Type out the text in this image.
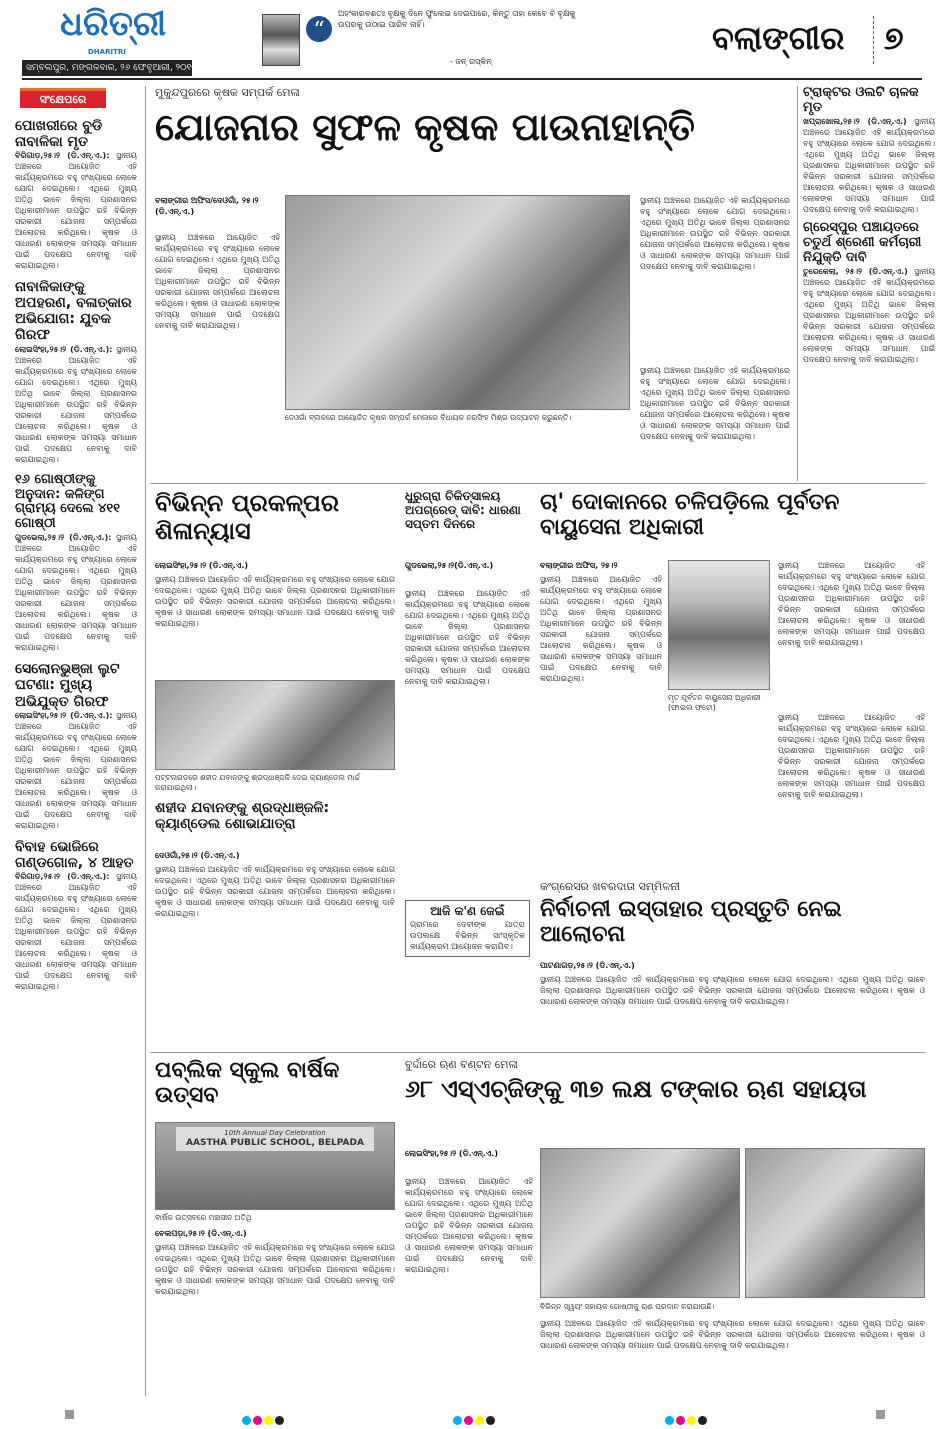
ଧରିତ୍ରୀ
DHARITRI
ସମ୍ବଲପୁର, ମଙ୍ଗଳବାର, ୨୬ ଫେବୃଆରୀ, ୨୦୧୯
“
ଅହଂକାରବଶତଃ ବୃକ୍ଷକୁ ଦିନେ ଫୁଲେଇ ଦେଇପାରେ, କିନ୍ତୁ ତାହା କେବେ ବି ବୃକ୍ଷକୁ ଉପରକୁ ଉଠାଇ ପାରିବ ନାହିଁ।
- ଜନ୍ ରସ୍କିନ୍
ବଲାଙ୍ଗୀର ୭
ସଂକ୍ଷେପରେ
ପୋଖରୀରେ ବୁଡି ନାବାଳିକା ମୃତ
ବିରିଗାଡ଼,୨୫।୨ (ଡି.ଏନ୍.ଏ.): ସ୍ଥାନୀୟ ଅଞ୍ଚଳରେ ଆୟୋଜିତ ଏହି କାର୍ଯ୍ୟକ୍ରମରେ ବହୁ ସଂଖ୍ୟାରେ ଲୋକେ ଯୋଗ ଦେଇଥିଲେ। ଏଥିରେ ମୁଖ୍ୟ ଅତିଥି ଭାବେ ଜିଲ୍ଲା ପ୍ରଶାସନର ଅଧିକାରୀମାନେ ଉପସ୍ଥିତ ରହି ବିଭିନ୍ନ ସରକାରୀ ଯୋଜନା ସମ୍ପର୍କରେ ଆଲୋଚନା କରିଥିଲେ। କୃଷକ ଓ ସାଧାରଣ ଲୋକଙ୍କ ସମସ୍ୟା ସମାଧାନ ପାଇଁ ପଦକ୍ଷେପ ନେବାକୁ ଦାବି କରାଯାଇଥିଲା।
ନାବାଳିକାଙ୍କୁ ଅପହରଣ, ବଳାତ୍କାର ଅଭିଯୋଗ: ଯୁବକ ଗିରଫ
ଲୋଇସିଂହା,୨୫।୨ (ଡି.ଏନ୍.ଏ.): ସ୍ଥାନୀୟ ଅଞ୍ଚଳରେ ଆୟୋଜିତ ଏହି କାର୍ଯ୍ୟକ୍ରମରେ ବହୁ ସଂଖ୍ୟାରେ ଲୋକେ ଯୋଗ ଦେଇଥିଲେ। ଏଥିରେ ମୁଖ୍ୟ ଅତିଥି ଭାବେ ଜିଲ୍ଲା ପ୍ରଶାସନର ଅଧିକାରୀମାନେ ଉପସ୍ଥିତ ରହି ବିଭିନ୍ନ ସରକାରୀ ଯୋଜନା ସମ୍ପର୍କରେ ଆଲୋଚନା କରିଥିଲେ। କୃଷକ ଓ ସାଧାରଣ ଲୋକଙ୍କ ସମସ୍ୟା ସମାଧାନ ପାଇଁ ପଦକ୍ଷେପ ନେବାକୁ ଦାବି କରାଯାଇଥିଲା।
୧୬ ଗୋଷ୍ଠୀଙ୍କୁ ଅନୁଦାନ: କଳିଙ୍ଗ ଗ୍ରାମ୍ୟ ଦେଲେ ୪୧୧ ଗୋଷ୍ଠୀ
ଗୁଡଭେଲା,୨୫।୨ (ଡି.ଏନ୍.ଏ.): ସ୍ଥାନୀୟ ଅଞ୍ଚଳରେ ଆୟୋଜିତ ଏହି କାର୍ଯ୍ୟକ୍ରମରେ ବହୁ ସଂଖ୍ୟାରେ ଲୋକେ ଯୋଗ ଦେଇଥିଲେ। ଏଥିରେ ମୁଖ୍ୟ ଅତିଥି ଭାବେ ଜିଲ୍ଲା ପ୍ରଶାସନର ଅଧିକାରୀମାନେ ଉପସ୍ଥିତ ରହି ବିଭିନ୍ନ ସରକାରୀ ଯୋଜନା ସମ୍ପର୍କରେ ଆଲୋଚନା କରିଥିଲେ। କୃଷକ ଓ ସାଧାରଣ ଲୋକଙ୍କ ସମସ୍ୟା ସମାଧାନ ପାଇଁ ପଦକ୍ଷେପ ନେବାକୁ ଦାବି କରାଯାଇଥିଲା।
ସେଲୋନଭୁଞ୍ଜା ଲୁଟ ଘଟଣା: ମୁଖ୍ୟ ଅଭିଯୁକ୍ତ ଗିରଫ
ଲୋଇସିଂହା,୨୫।୨ (ଡି.ଏନ୍.ଏ.): ସ୍ଥାନୀୟ ଅଞ୍ଚଳରେ ଆୟୋଜିତ ଏହି କାର୍ଯ୍ୟକ୍ରମରେ ବହୁ ସଂଖ୍ୟାରେ ଲୋକେ ଯୋଗ ଦେଇଥିଲେ। ଏଥିରେ ମୁଖ୍ୟ ଅତିଥି ଭାବେ ଜିଲ୍ଲା ପ୍ରଶାସନର ଅଧିକାରୀମାନେ ଉପସ୍ଥିତ ରହି ବିଭିନ୍ନ ସରକାରୀ ଯୋଜନା ସମ୍ପର୍କରେ ଆଲୋଚନା କରିଥିଲେ। କୃଷକ ଓ ସାଧାରଣ ଲୋକଙ୍କ ସମସ୍ୟା ସମାଧାନ ପାଇଁ ପଦକ୍ଷେପ ନେବାକୁ ଦାବି କରାଯାଇଥିଲା।
ବିବାହ ଭୋଜିରେ ଗଣ୍ଡଗୋଳ, ୪ ଆହତ
ବିରିଗାଡ଼,୨୫।୨ (ଡି.ଏନ୍.ଏ.): ସ୍ଥାନୀୟ ଅଞ୍ଚଳରେ ଆୟୋଜିତ ଏହି କାର୍ଯ୍ୟକ୍ରମରେ ବହୁ ସଂଖ୍ୟାରେ ଲୋକେ ଯୋଗ ଦେଇଥିଲେ। ଏଥିରେ ମୁଖ୍ୟ ଅତିଥି ଭାବେ ଜିଲ୍ଲା ପ୍ରଶାସନର ଅଧିକାରୀମାନେ ଉପସ୍ଥିତ ରହି ବିଭିନ୍ନ ସରକାରୀ ଯୋଜନା ସମ୍ପର୍କରେ ଆଲୋଚନା କରିଥିଲେ। କୃଷକ ଓ ସାଧାରଣ ଲୋକଙ୍କ ସମସ୍ୟା ସମାଧାନ ପାଇଁ ପଦକ୍ଷେପ ନେବାକୁ ଦାବି କରାଯାଇଥିଲା।
ମୁକୁନ୍ଦପୁରରେ କୃଷକ ସମ୍ପର୍କ ମେଳା
ଯୋଜନାର ସୁଫଳ କୃଷକ ପାଉନାହାନ୍ତି
ବଲାଙ୍ଗୀର ଅଫିସ/ଦେଓଗାଁ, ୨୫।୨ (ଡି.ଏନ୍.ଏ.)
ସ୍ଥାନୀୟ ଅଞ୍ଚଳରେ ଆୟୋଜିତ ଏହି କାର୍ଯ୍ୟକ୍ରମରେ ବହୁ ସଂଖ୍ୟାରେ ଲୋକେ ଯୋଗ ଦେଇଥିଲେ। ଏଥିରେ ମୁଖ୍ୟ ଅତିଥି ଭାବେ ଜିଲ୍ଲା ପ୍ରଶାସନର ଅଧିକାରୀମାନେ ଉପସ୍ଥିତ ରହି ବିଭିନ୍ନ ସରକାରୀ ଯୋଜନା ସମ୍ପର୍କରେ ଆଲୋଚନା କରିଥିଲେ। କୃଷକ ଓ ସାଧାରଣ ଲୋକଙ୍କ ସମସ୍ୟା ସମାଧାନ ପାଇଁ ପଦକ୍ଷେପ ନେବାକୁ ଦାବି କରାଯାଇଥିଲା।
ଦେଓଗାଁ ବ୍ଲକରେ ଆୟୋଜିତ କୃଷକ ସମ୍ପର୍କ ମେଳାରେ ବିଧାୟକ ନରସିଂହ ମିଶ୍ର ଉଦ୍‌ଘାଟନ କରୁଛନ୍ତି।
ସ୍ଥାନୀୟ ଅଞ୍ଚଳରେ ଆୟୋଜିତ ଏହି କାର୍ଯ୍ୟକ୍ରମରେ ବହୁ ସଂଖ୍ୟାରେ ଲୋକେ ଯୋଗ ଦେଇଥିଲେ। ଏଥିରେ ମୁଖ୍ୟ ଅତିଥି ଭାବେ ଜିଲ୍ଲା ପ୍ରଶାସନର ଅଧିକାରୀମାନେ ଉପସ୍ଥିତ ରହି ବିଭିନ୍ନ ସରକାରୀ ଯୋଜନା ସମ୍ପର୍କରେ ଆଲୋଚନା କରିଥିଲେ। କୃଷକ ଓ ସାଧାରଣ ଲୋକଙ୍କ ସମସ୍ୟା ସମାଧାନ ପାଇଁ ପଦକ୍ଷେପ ନେବାକୁ ଦାବି କରାଯାଇଥିଲା।
ସ୍ଥାନୀୟ ଅଞ୍ଚଳରେ ଆୟୋଜିତ ଏହି କାର୍ଯ୍ୟକ୍ରମରେ ବହୁ ସଂଖ୍ୟାରେ ଲୋକେ ଯୋଗ ଦେଇଥିଲେ। ଏଥିରେ ମୁଖ୍ୟ ଅତିଥି ଭାବେ ଜିଲ୍ଲା ପ୍ରଶାସନର ଅଧିକାରୀମାନେ ଉପସ୍ଥିତ ରହି ବିଭିନ୍ନ ସରକାରୀ ଯୋଜନା ସମ୍ପର୍କରେ ଆଲୋଚନା କରିଥିଲେ। କୃଷକ ଓ ସାଧାରଣ ଲୋକଙ୍କ ସମସ୍ୟା ସମାଧାନ ପାଇଁ ପଦକ୍ଷେପ ନେବାକୁ ଦାବି କରାଯାଇଥିଲା।
ଟ୍ରାକ୍ଟର ଓଲଟି ଚାଳକ ମୃତ
ଖପ୍ରାଖୋଲ,୨୫।୨ (ଡି.ଏନ୍.ଏ.) ସ୍ଥାନୀୟ ଅଞ୍ଚଳରେ ଆୟୋଜିତ ଏହି କାର୍ଯ୍ୟକ୍ରମରେ ବହୁ ସଂଖ୍ୟାରେ ଲୋକେ ଯୋଗ ଦେଇଥିଲେ। ଏଥିରେ ମୁଖ୍ୟ ଅତିଥି ଭାବେ ଜିଲ୍ଲା ପ୍ରଶାସନର ଅଧିକାରୀମାନେ ଉପସ୍ଥିତ ରହି ବିଭିନ୍ନ ସରକାରୀ ଯୋଜନା ସମ୍ପର୍କରେ ଆଲୋଚନା କରିଥିଲେ। କୃଷକ ଓ ସାଧାରଣ ଲୋକଙ୍କ ସମସ୍ୟା ସମାଧାନ ପାଇଁ ପଦକ୍ଷେପ ନେବାକୁ ଦାବି କରାଯାଇଥିଲା।
ଗ୍ରେସ୍ପୁର ପଞ୍ଚାୟତରେ ଚତୁର୍ଥ ଶ୍ରେଣୀ କର୍ମଚାରୀ ନିଯୁକ୍ତି ଦାବି
ତୁରେକେଲା, ୨୫।୨ (ଡି.ଏନ୍.ଏ.) ସ୍ଥାନୀୟ ଅଞ୍ଚଳରେ ଆୟୋଜିତ ଏହି କାର୍ଯ୍ୟକ୍ରମରେ ବହୁ ସଂଖ୍ୟାରେ ଲୋକେ ଯୋଗ ଦେଇଥିଲେ। ଏଥିରେ ମୁଖ୍ୟ ଅତିଥି ଭାବେ ଜିଲ୍ଲା ପ୍ରଶାସନର ଅଧିକାରୀମାନେ ଉପସ୍ଥିତ ରହି ବିଭିନ୍ନ ସରକାରୀ ଯୋଜନା ସମ୍ପର୍କରେ ଆଲୋଚନା କରିଥିଲେ। କୃଷକ ଓ ସାଧାରଣ ଲୋକଙ୍କ ସମସ୍ୟା ସମାଧାନ ପାଇଁ ପଦକ୍ଷେପ ନେବାକୁ ଦାବି କରାଯାଇଥିଲା।
ବିଭିନ୍ନ ପ୍ରକଳ୍ପର ଶିଳାନ୍ୟାସ
ଲୋଇସିଂହା,୨୫।୨ (ଡି.ଏନ୍.ଏ.)
ସ୍ଥାନୀୟ ଅଞ୍ଚଳରେ ଆୟୋଜିତ ଏହି କାର୍ଯ୍ୟକ୍ରମରେ ବହୁ ସଂଖ୍ୟାରେ ଲୋକେ ଯୋଗ ଦେଇଥିଲେ। ଏଥିରେ ମୁଖ୍ୟ ଅତିଥି ଭାବେ ଜିଲ୍ଲା ପ୍ରଶାସନର ଅଧିକାରୀମାନେ ଉପସ୍ଥିତ ରହି ବିଭିନ୍ନ ସରକାରୀ ଯୋଜନା ସମ୍ପର୍କରେ ଆଲୋଚନା କରିଥିଲେ। କୃଷକ ଓ ସାଧାରଣ ଲୋକଙ୍କ ସମସ୍ୟା ସମାଧାନ ପାଇଁ ପଦକ୍ଷେପ ନେବାକୁ ଦାବି କରାଯାଇଥିଲା।
ପଟ୍ଟନାଗଡ଼ରେ ଶହୀଦ ଯବାନଙ୍କୁ ଶ୍ରଦ୍ଧାଞ୍ଜଳି ଦେଇ କ୍ୟାଣ୍ଡେଲ ମାର୍ଚ୍ଚ କରାଯାଇଥିଲା।
ଶହୀଦ ଯବାନଙ୍କୁ ଶ୍ରଦ୍ଧାଞ୍ଜଳି: କ୍ୟାଣ୍ଡେଲ ଶୋଭାଯାତ୍ରା
ଦେଓଗାଁ,୨୫।୨ (ଡି.ଏନ୍.ଏ.)
ସ୍ଥାନୀୟ ଅଞ୍ଚଳରେ ଆୟୋଜିତ ଏହି କାର୍ଯ୍ୟକ୍ରମରେ ବହୁ ସଂଖ୍ୟାରେ ଲୋକେ ଯୋଗ ଦେଇଥିଲେ। ଏଥିରେ ମୁଖ୍ୟ ଅତିଥି ଭାବେ ଜିଲ୍ଲା ପ୍ରଶାସନର ଅଧିକାରୀମାନେ ଉପସ୍ଥିତ ରହି ବିଭିନ୍ନ ସରକାରୀ ଯୋଜନା ସମ୍ପର୍କରେ ଆଲୋଚନା କରିଥିଲେ। କୃଷକ ଓ ସାଧାରଣ ଲୋକଙ୍କ ସମସ୍ୟା ସମାଧାନ ପାଇଁ ପଦକ୍ଷେପ ନେବାକୁ ଦାବି କରାଯାଇଥିଲା।
ଧୁରୁଗ୍ରା ଚିକିତ୍ସାଳୟ ଅପଗ୍ରେଡ୍ ଦାବି: ଧାରଣା ସପ୍ତମ ଦିନରେ
ଗୁଡଭେଲା,୨୫।୨(ଡି.ଏନ୍.ଏ.)
ସ୍ଥାନୀୟ ଅଞ୍ଚଳରେ ଆୟୋଜିତ ଏହି କାର୍ଯ୍ୟକ୍ରମରେ ବହୁ ସଂଖ୍ୟାରେ ଲୋକେ ଯୋଗ ଦେଇଥିଲେ। ଏଥିରେ ମୁଖ୍ୟ ଅତିଥି ଭାବେ ଜିଲ୍ଲା ପ୍ରଶାସନର ଅଧିକାରୀମାନେ ଉପସ୍ଥିତ ରହି ବିଭିନ୍ନ ସରକାରୀ ଯୋଜନା ସମ୍ପର୍କରେ ଆଲୋଚନା କରିଥିଲେ। କୃଷକ ଓ ସାଧାରଣ ଲୋକଙ୍କ ସମସ୍ୟା ସମାଧାନ ପାଇଁ ପଦକ୍ଷେପ ନେବାକୁ ଦାବି କରାଯାଇଥିଲା।
ଆଜି କ'ଣ ଜେଇଁ
ଗ୍ରାମରେ ଦେବୀଙ୍କ ଯାତ୍ରା ଉପଲକ୍ଷେ ବିଭିନ୍ନ ସାଂସ୍କୃତିକ କାର୍ଯ୍ୟକ୍ରମ ଆୟୋଜନ କରାଯିବ।
ଚା' ଦୋକାନରେ ଚଳିପଡ଼ିଲେ ପୂର୍ବତନ ବାୟୁସେନା ଅଧିକାରୀ
ବଲାଙ୍ଗୀର ଅଫିସ, ୨୫।୨
ସ୍ଥାନୀୟ ଅଞ୍ଚଳରେ ଆୟୋଜିତ ଏହି କାର୍ଯ୍ୟକ୍ରମରେ ବହୁ ସଂଖ୍ୟାରେ ଲୋକେ ଯୋଗ ଦେଇଥିଲେ। ଏଥିରେ ମୁଖ୍ୟ ଅତିଥି ଭାବେ ଜିଲ୍ଲା ପ୍ରଶାସନର ଅଧିକାରୀମାନେ ଉପସ୍ଥିତ ରହି ବିଭିନ୍ନ ସରକାରୀ ଯୋଜନା ସମ୍ପର୍କରେ ଆଲୋଚନା କରିଥିଲେ। କୃଷକ ଓ ସାଧାରଣ ଲୋକଙ୍କ ସମସ୍ୟା ସମାଧାନ ପାଇଁ ପଦକ୍ଷେପ ନେବାକୁ ଦାବି କରାଯାଇଥିଲା।
ମୃତ ପୂର୍ବତନ ବାୟୁସେନା ଅଧିକାରୀ (ଫାଇଲ ଫଟୋ)
ସ୍ଥାନୀୟ ଅଞ୍ଚଳରେ ଆୟୋଜିତ ଏହି କାର୍ଯ୍ୟକ୍ରମରେ ବହୁ ସଂଖ୍ୟାରେ ଲୋକେ ଯୋଗ ଦେଇଥିଲେ। ଏଥିରେ ମୁଖ୍ୟ ଅତିଥି ଭାବେ ଜିଲ୍ଲା ପ୍ରଶାସନର ଅଧିକାରୀମାନେ ଉପସ୍ଥିତ ରହି ବିଭିନ୍ନ ସରକାରୀ ଯୋଜନା ସମ୍ପର୍କରେ ଆଲୋଚନା କରିଥିଲେ। କୃଷକ ଓ ସାଧାରଣ ଲୋକଙ୍କ ସମସ୍ୟା ସମାଧାନ ପାଇଁ ପଦକ୍ଷେପ ନେବାକୁ ଦାବି କରାଯାଇଥିଲା।
ସ୍ଥାନୀୟ ଅଞ୍ଚଳରେ ଆୟୋଜିତ ଏହି କାର୍ଯ୍ୟକ୍ରମରେ ବହୁ ସଂଖ୍ୟାରେ ଲୋକେ ଯୋଗ ଦେଇଥିଲେ। ଏଥିରେ ମୁଖ୍ୟ ଅତିଥି ଭାବେ ଜିଲ୍ଲା ପ୍ରଶାସନର ଅଧିକାରୀମାନେ ଉପସ୍ଥିତ ରହି ବିଭିନ୍ନ ସରକାରୀ ଯୋଜନା ସମ୍ପର୍କରେ ଆଲୋଚନା କରିଥିଲେ। କୃଷକ ଓ ସାଧାରଣ ଲୋକଙ୍କ ସମସ୍ୟା ସମାଧାନ ପାଇଁ ପଦକ୍ଷେପ ନେବାକୁ ଦାବି କରାଯାଇଥିଲା।
କଂଗ୍ରେସର ଖବରଦାତା ସମ୍ମିଳନୀ
ନିର୍ବାଚନୀ ଇସ୍ତାହାର ପ୍ରସ୍ତୁତି ନେଇ ଆଲୋଚନା
ପାଟଣାଗଡ଼,୨୫।୨ (ଡି.ଏନ୍.ଏ.)
ସ୍ଥାନୀୟ ଅଞ୍ଚଳରେ ଆୟୋଜିତ ଏହି କାର୍ଯ୍ୟକ୍ରମରେ ବହୁ ସଂଖ୍ୟାରେ ଲୋକେ ଯୋଗ ଦେଇଥିଲେ। ଏଥିରେ ମୁଖ୍ୟ ଅତିଥି ଭାବେ ଜିଲ୍ଲା ପ୍ରଶାସନର ଅଧିକାରୀମାନେ ଉପସ୍ଥିତ ରହି ବିଭିନ୍ନ ସରକାରୀ ଯୋଜନା ସମ୍ପର୍କରେ ଆଲୋଚନା କରିଥିଲେ। କୃଷକ ଓ ସାଧାରଣ ଲୋକଙ୍କ ସମସ୍ୟା ସମାଧାନ ପାଇଁ ପଦକ୍ଷେପ ନେବାକୁ ଦାବି କରାଯାଇଥିଲା।
ପବ୍ଲିକ ସ୍କୁଲ ବାର୍ଷିକ ଉତ୍ସବ
10th Annual Day Celebration
AASTHA PUBLIC SCHOOL, BELPADA
ବାର୍ଷିକ ଉତ୍ସବରେ ମଞ୍ଚାସୀନ ଅତିଥି
ବେଲପଡ଼ା,୨୫।୨ (ଡି.ଏନ୍.ଏ.)
ସ୍ଥାନୀୟ ଅଞ୍ଚଳରେ ଆୟୋଜିତ ଏହି କାର୍ଯ୍ୟକ୍ରମରେ ବହୁ ସଂଖ୍ୟାରେ ଲୋକେ ଯୋଗ ଦେଇଥିଲେ। ଏଥିରେ ମୁଖ୍ୟ ଅତିଥି ଭାବେ ଜିଲ୍ଲା ପ୍ରଶାସନର ଅଧିକାରୀମାନେ ଉପସ୍ଥିତ ରହି ବିଭିନ୍ନ ସରକାରୀ ଯୋଜନା ସମ୍ପର୍କରେ ଆଲୋଚନା କରିଥିଲେ। କୃଷକ ଓ ସାଧାରଣ ଲୋକଙ୍କ ସମସ୍ୟା ସମାଧାନ ପାଇଁ ପଦକ୍ଷେପ ନେବାକୁ ଦାବି କରାଯାଇଥିଲା।
ବୁର୍ଦ୍ଦାରେ ଋଣ ବଣ୍ଟନ ମେଳା
୬୮ ଏସ୍ଏଚ୍ଜିଙ୍କୁ ୩୭ ଲକ୍ଷ ଟଙ୍କାର ଋଣ ସହାୟତା
ଲୋଇସିଂହା,୨୫।୨ (ଡି.ଏନ୍.ଏ.)
ସ୍ଥାନୀୟ ଅଞ୍ଚଳରେ ଆୟୋଜିତ ଏହି କାର୍ଯ୍ୟକ୍ରମରେ ବହୁ ସଂଖ୍ୟାରେ ଲୋକେ ଯୋଗ ଦେଇଥିଲେ। ଏଥିରେ ମୁଖ୍ୟ ଅତିଥି ଭାବେ ଜିଲ୍ଲା ପ୍ରଶାସନର ଅଧିକାରୀମାନେ ଉପସ୍ଥିତ ରହି ବିଭିନ୍ନ ସରକାରୀ ଯୋଜନା ସମ୍ପର୍କରେ ଆଲୋଚନା କରିଥିଲେ। କୃଷକ ଓ ସାଧାରଣ ଲୋକଙ୍କ ସମସ୍ୟା ସମାଧାନ ପାଇଁ ପଦକ୍ଷେପ ନେବାକୁ ଦାବି କରାଯାଇଥିଲା।
ବିଭିନ୍ନ ସ୍ୱୟଂ ସହାୟକ ଗୋଷ୍ଠୀକୁ ଋଣ ପ୍ରଦାନ କରାଯାଉଛି।
ସ୍ଥାନୀୟ ଅଞ୍ଚଳରେ ଆୟୋଜିତ ଏହି କାର୍ଯ୍ୟକ୍ରମରେ ବହୁ ସଂଖ୍ୟାରେ ଲୋକେ ଯୋଗ ଦେଇଥିଲେ। ଏଥିରେ ମୁଖ୍ୟ ଅତିଥି ଭାବେ ଜିଲ୍ଲା ପ୍ରଶାସନର ଅଧିକାରୀମାନେ ଉପସ୍ଥିତ ରହି ବିଭିନ୍ନ ସରକାରୀ ଯୋଜନା ସମ୍ପର୍କରେ ଆଲୋଚନା କରିଥିଲେ। କୃଷକ ଓ ସାଧାରଣ ଲୋକଙ୍କ ସମସ୍ୟା ସମାଧାନ ପାଇଁ ପଦକ୍ଷେପ ନେବାକୁ ଦାବି କରାଯାଇଥିଲା।
